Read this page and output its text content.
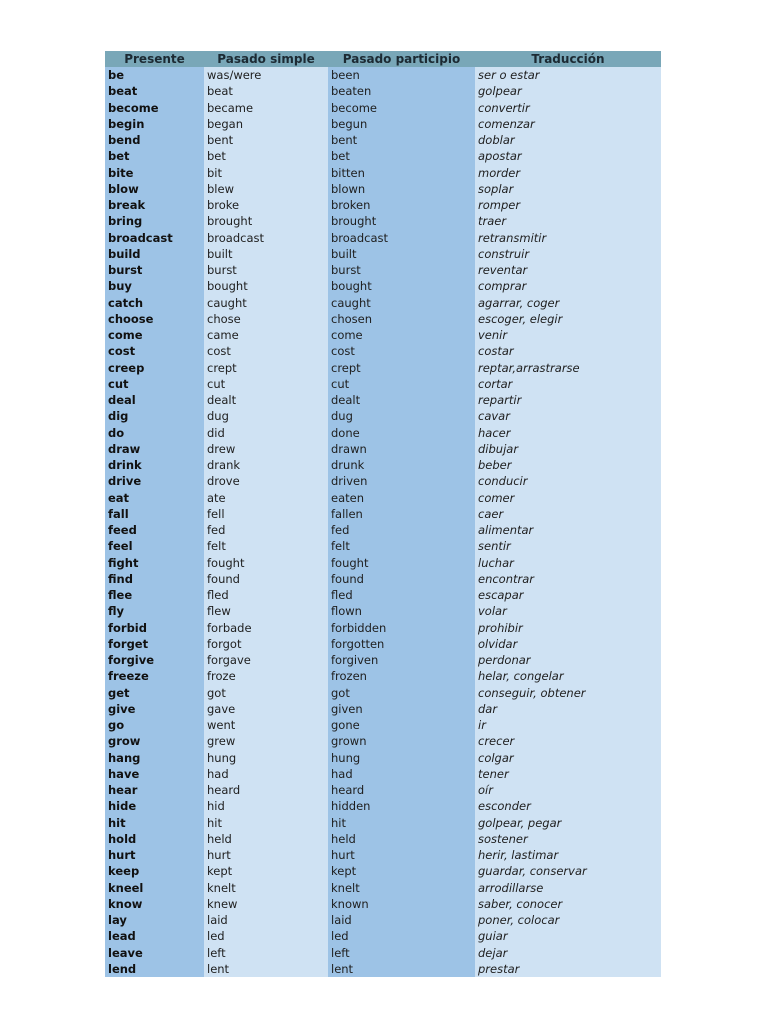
Presente	Pasado simple	Pasado participio	Traducción
be	was/were	been	ser o estar
beat	beat	beaten	golpear
become	became	become	convertir
begin	began	begun	comenzar
bend	bent	bent	doblar
bet	bet	bet	apostar
bite	bit	bitten	morder
blow	blew	blown	soplar
break	broke	broken	romper
bring	brought	brought	traer
broadcast	broadcast	broadcast	retransmitir
build	built	built	construir
burst	burst	burst	reventar
buy	bought	bought	comprar
catch	caught	caught	agarrar, coger
choose	chose	chosen	escoger, elegir
come	came	come	venir
cost	cost	cost	costar
creep	crept	crept	reptar,arrastrarse
cut	cut	cut	cortar
deal	dealt	dealt	repartir
dig	dug	dug	cavar
do	did	done	hacer
draw	drew	drawn	dibujar
drink	drank	drunk	beber
drive	drove	driven	conducir
eat	ate	eaten	comer
fall	fell	fallen	caer
feed	fed	fed	alimentar
feel	felt	felt	sentir
fight	fought	fought	luchar
find	found	found	encontrar
flee	fled	fled	escapar
fly	flew	flown	volar
forbid	forbade	forbidden	prohibir
forget	forgot	forgotten	olvidar
forgive	forgave	forgiven	perdonar
freeze	froze	frozen	helar, congelar
get	got	got	conseguir, obtener
give	gave	given	dar
go	went	gone	ir
grow	grew	grown	crecer
hang	hung	hung	colgar
have	had	had	tener
hear	heard	heard	oír
hide	hid	hidden	esconder
hit	hit	hit	golpear, pegar
hold	held	held	sostener
hurt	hurt	hurt	herir, lastimar
keep	kept	kept	guardar, conservar
kneel	knelt	knelt	arrodillarse
know	knew	known	saber, conocer
lay	laid	laid	poner, colocar
lead	led	led	guiar
leave	left	left	dejar
lend	lent	lent	prestar
